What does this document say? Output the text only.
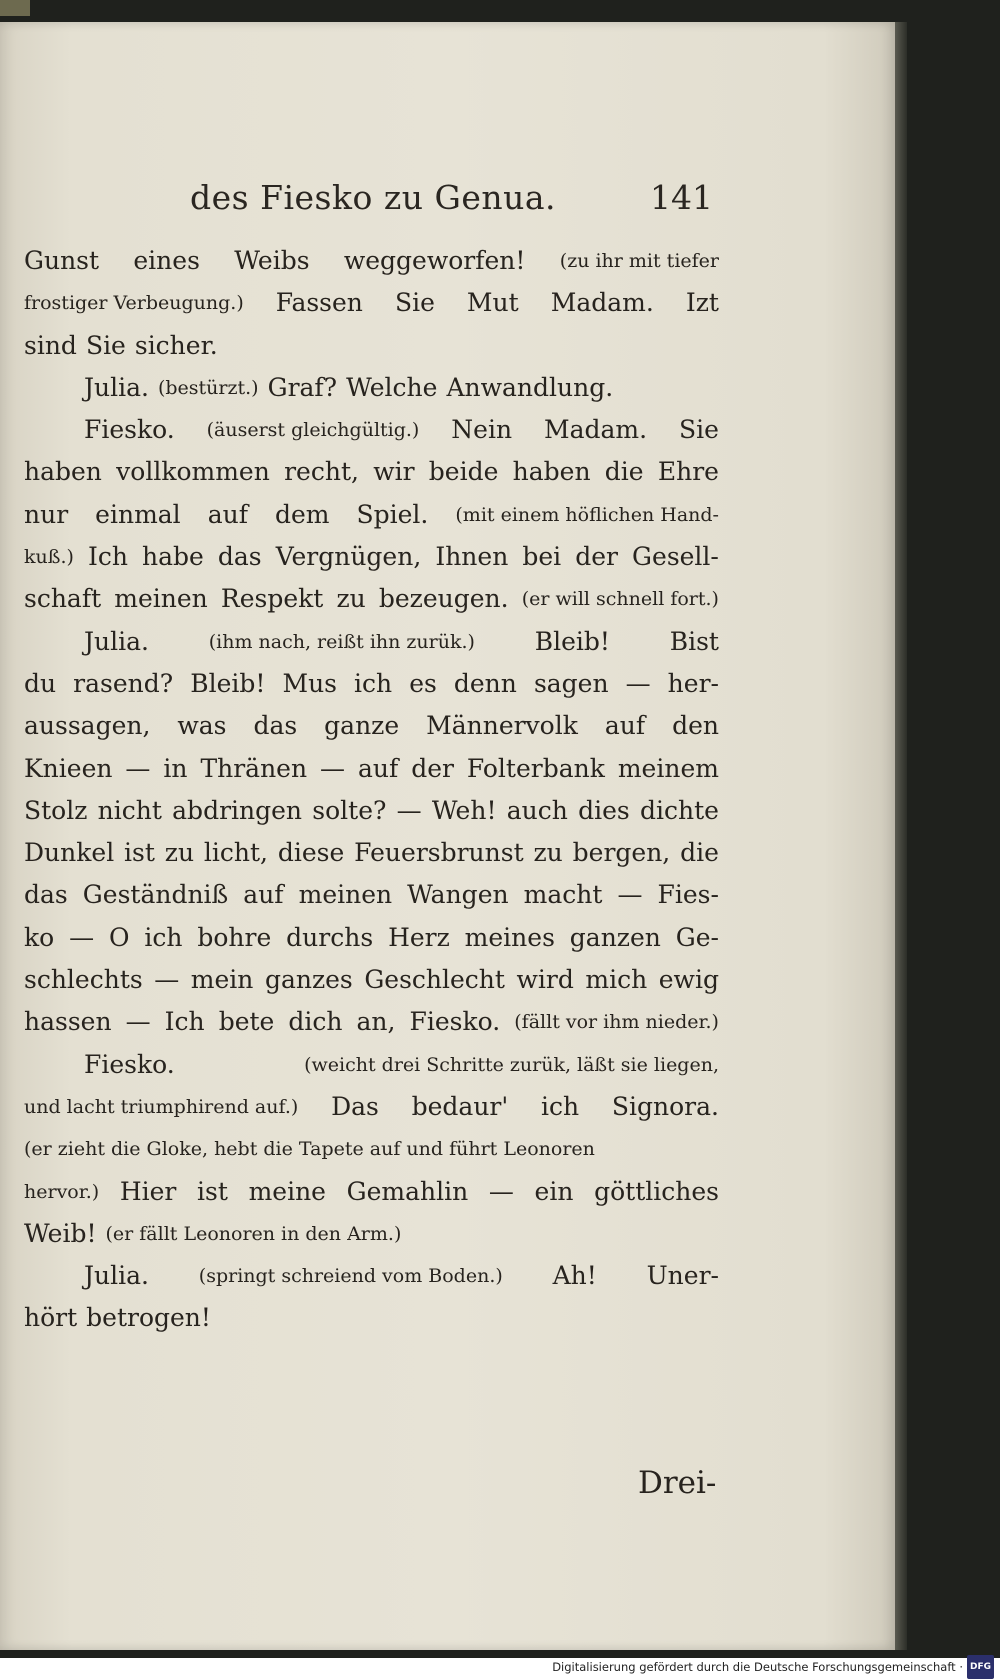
des Fiesko zu Genua.	141
Gunst eines Weibs weggeworfen! (zu ihr mit tiefer
frostiger Verbeugung.) Fassen Sie Mut Madam. Izt
sind Sie sicher.
Julia. (bestürzt.) Graf? Welche Anwandlung.
Fiesko. (äuserst gleichgültig.) Nein Madam. Sie
haben vollkommen recht, wir beide haben die Ehre
nur einmal auf dem Spiel. (mit einem höflichen Hand-
kuß.) Ich habe das Vergnügen, Ihnen bei der Gesell-
schaft meinen Respekt zu bezeugen. (er will schnell fort.)
Julia.	(ihm nach, reißt ihn zurük.) Bleib! Bist
du rasend? Bleib! Mus ich es denn sagen — her-
aussagen, was das ganze Männervolk auf den
Knieen — in Thränen — auf der Folterbank meinem
Stolz nicht abdringen solte? — Weh! auch dies dichte
Dunkel ist zu licht, diese Feuersbrunst zu bergen, die
das Geständniß auf meinen Wangen macht — Fies-
ko — O ich bohre durchs Herz meines ganzen Ge-
schlechts — mein ganzes Geschlecht wird mich ewig
hassen — Ich bete dich an, Fiesko. (fällt vor ihm nieder.)
Fiesko.	(weicht drei Schritte zurük, läßt sie liegen,
und lacht triumphirend auf.) Das bedaur' ich Signora.
(er zieht die Gloke, hebt die Tapete auf und führt Leonoren
hervor.) Hier ist meine Gemahlin — ein göttliches
Weib! (er fällt Leonoren in den Arm.)
Julia.	(springt schreiend vom Boden.) Ah! Uner-
hört betrogen!
Drei-
Digitalisierung gefördert durch die Deutsche Forschungsgemeinschaft · DFG
